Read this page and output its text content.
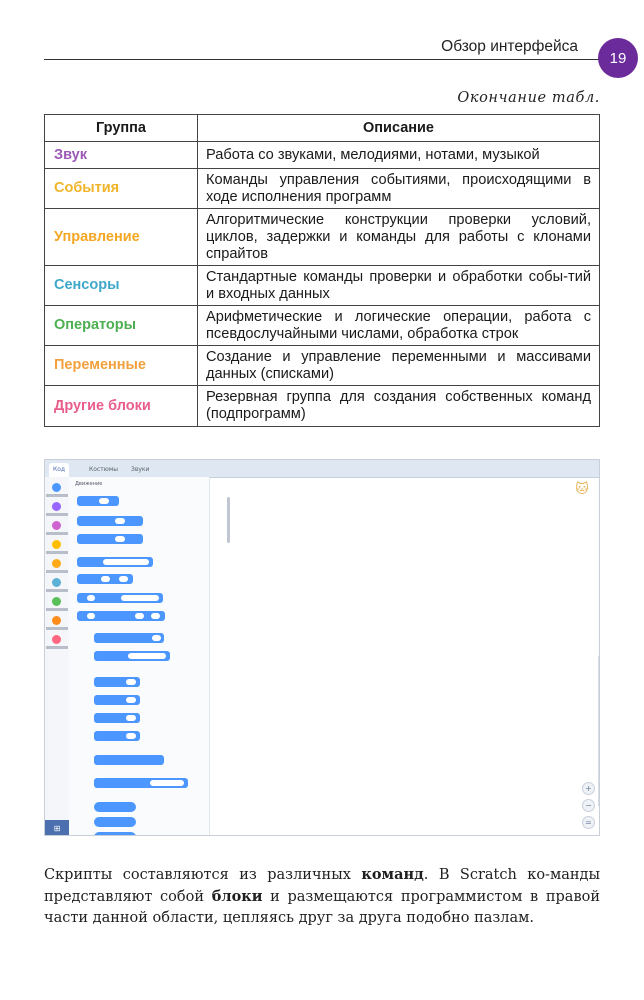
Обзор интерфейса
19
Окончание табл.
Группа	Описание
Звук	Работа со звуками, мелодиями, нотами, музыкой
События	Команды управления событиями, происходящими в ходе исполнения программ
Управление	Алгоритмические конструкции проверки условий, циклов, задержки и команды для работы с клонами спрайтов
Сенсоры	Стандартные команды проверки и обработки собы-тий и входных данных
Операторы	Арифметические и логические операции, работа с псевдослучайными числами, обработка строк
Переменные	Создание и управление переменными и массивами данных (списками)
Другие блоки	Резервная группа для создания собственных команд (подпрограмм)
Код	Костюмы	Звуки
Движение	🐱
+
−
=
⊞
Скрипты составляются из различных команд. В Scratch ко-манды представляют собой блоки и размещаются программистом в правой части данной области, цепляясь друг за друга подобно пазлам.
